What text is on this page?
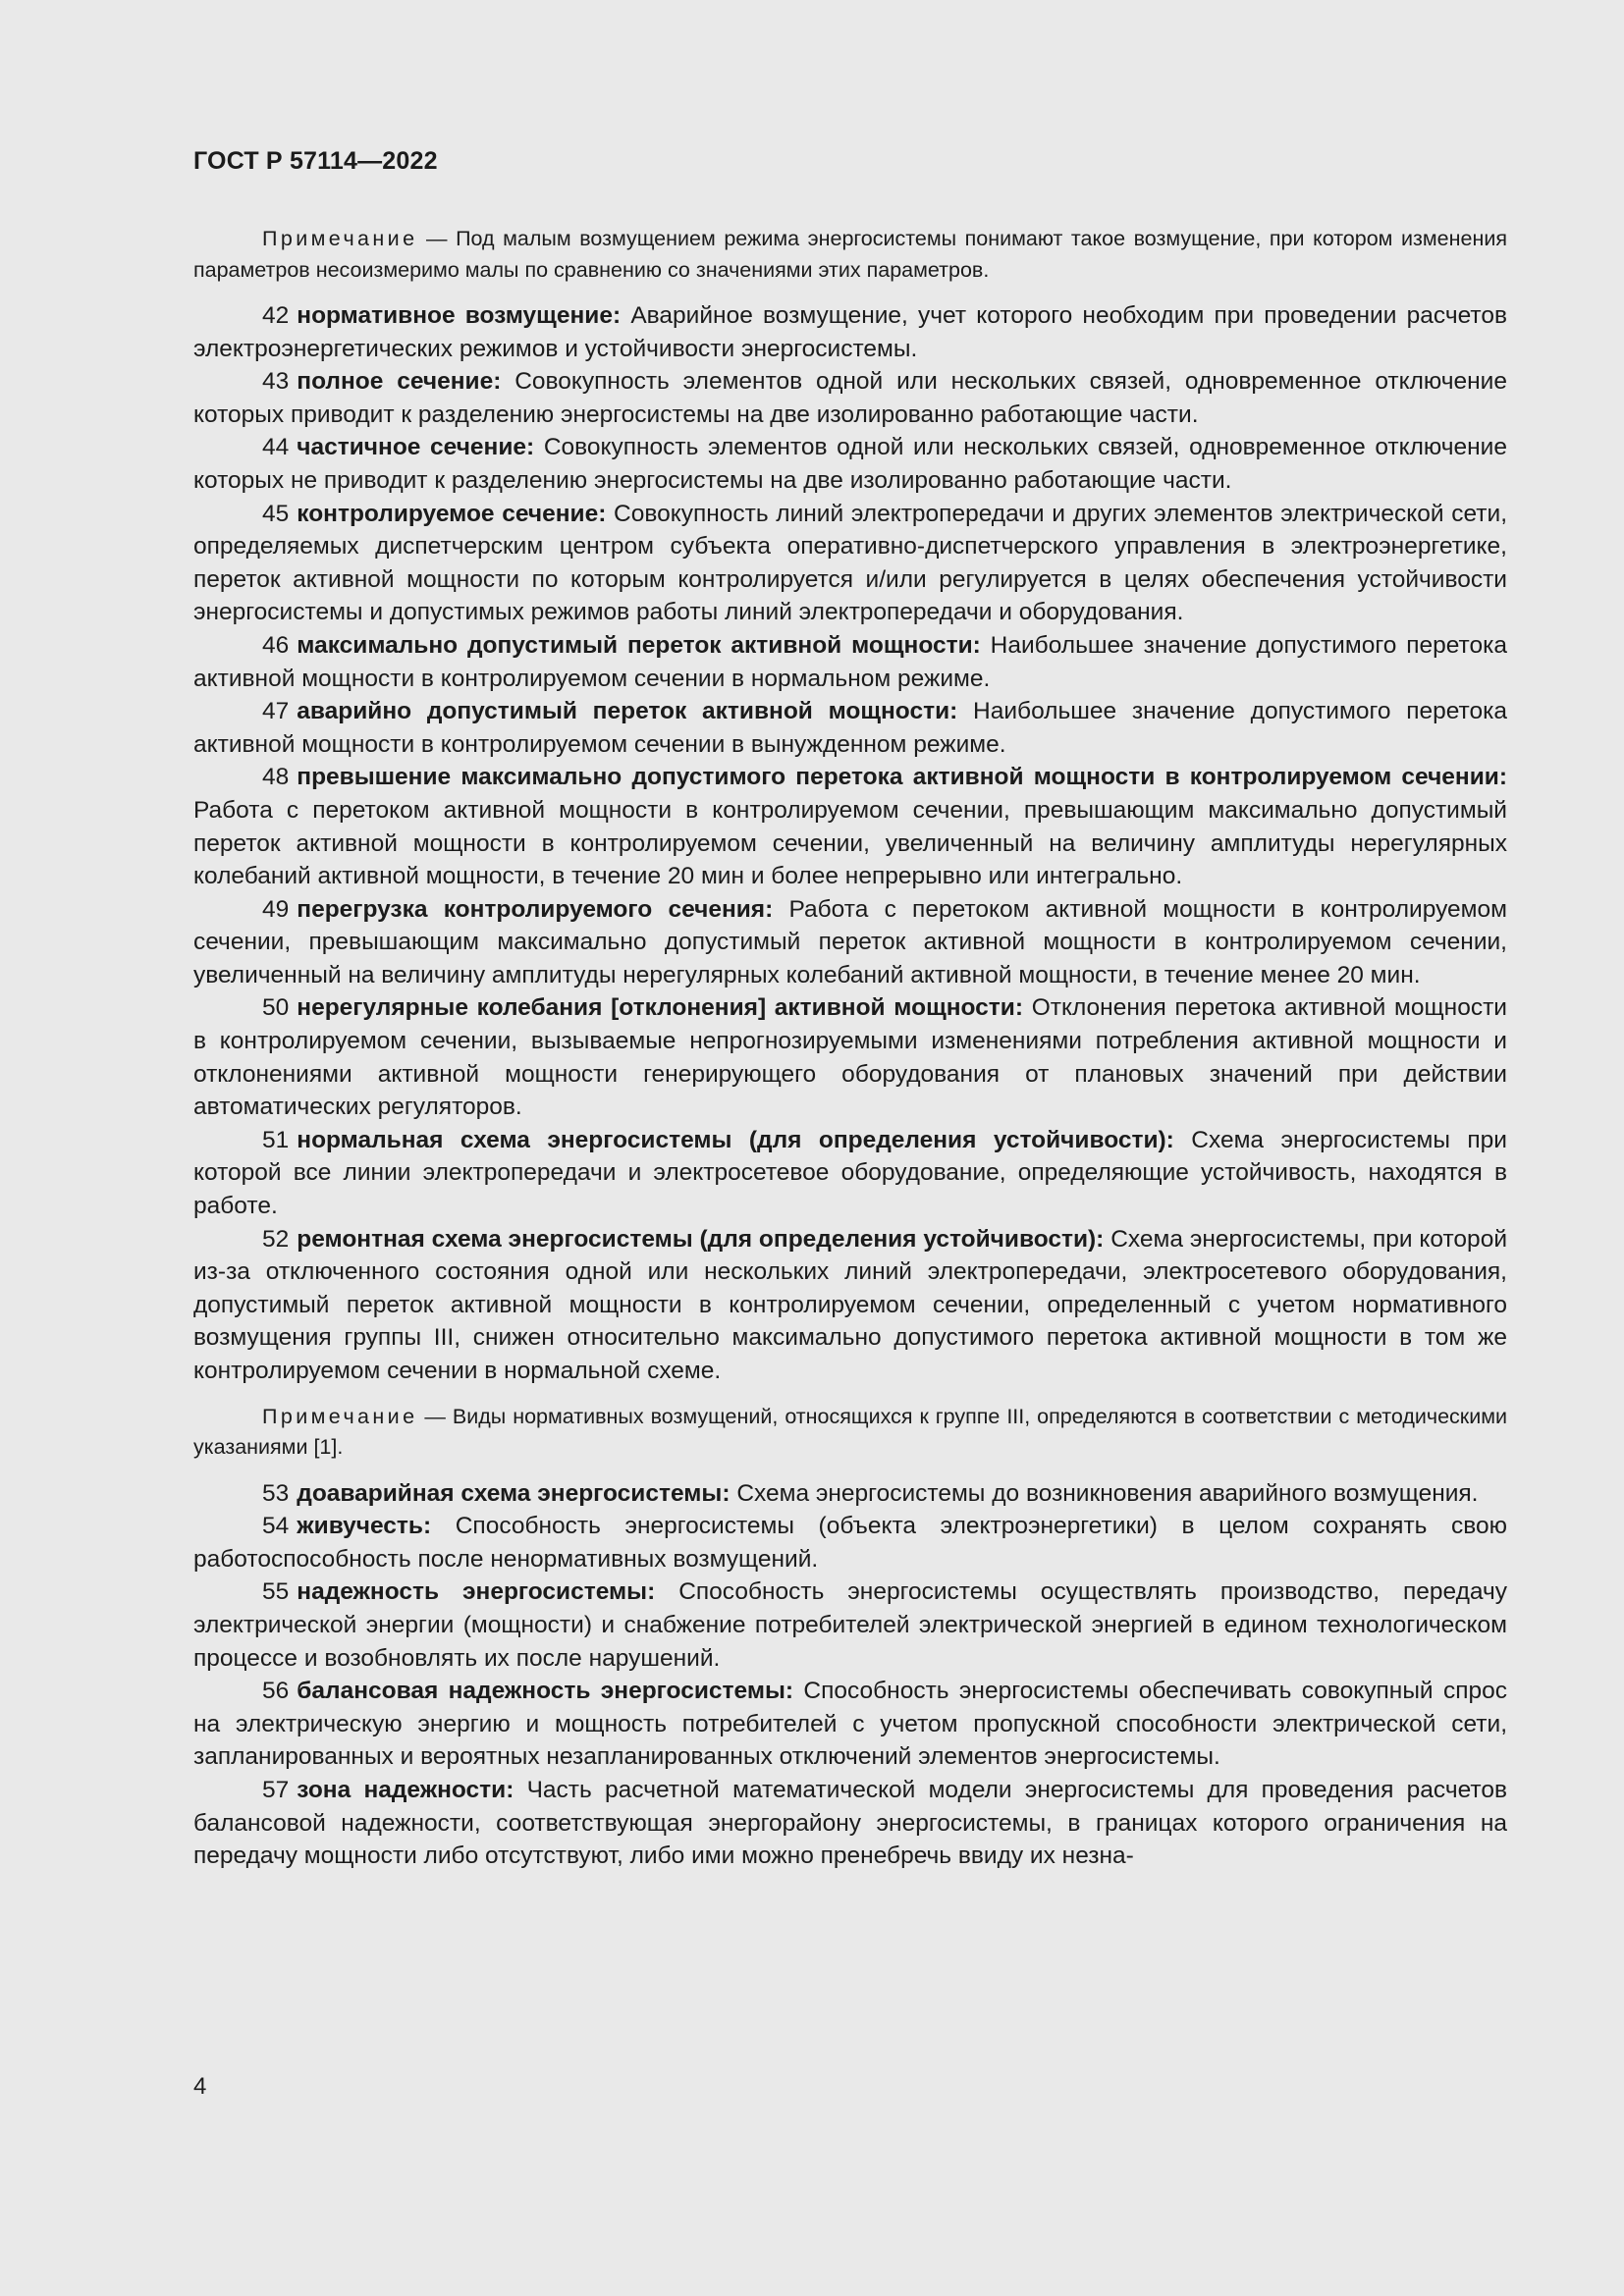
ГОСТ Р 57114—2022

Примечание — Под малым возмущением режима энергосистемы понимают такое возмущение, при котором изменения параметров несоизмеримо малы по сравнению со значениями этих параметров.

42 нормативное возмущение: Аварийное возмущение, учет которого необходим при проведении расчетов электроэнергетических режимов и устойчивости энергосистемы.

43 полное сечение: Совокупность элементов одной или нескольких связей, одновременное отключение которых приводит к разделению энергосистемы на две изолированно работающие части.

44 частичное сечение: Совокупность элементов одной или нескольких связей, одновременное отключение которых не приводит к разделению энергосистемы на две изолированно работающие части.

45 контролируемое сечение: Совокупность линий электропередачи и других элементов электрической сети, определяемых диспетчерским центром субъекта оперативно-диспетчерского управления в электроэнергетике, переток активной мощности по которым контролируется и/или регулируется в целях обеспечения устойчивости энергосистемы и допустимых режимов работы линий электропередачи и оборудования.

46 максимально допустимый переток активной мощности: Наибольшее значение допустимого перетока активной мощности в контролируемом сечении в нормальном режиме.

47 аварийно допустимый переток активной мощности: Наибольшее значение допустимого перетока активной мощности в контролируемом сечении в вынужденном режиме.

48 превышение максимально допустимого перетока активной мощности в контролируемом сечении: Работа с перетоком активной мощности в контролируемом сечении, превышающим максимально допустимый переток активной мощности в контролируемом сечении, увеличенный на величину амплитуды нерегулярных колебаний активной мощности, в течение 20 мин и более непрерывно или интегрально.

49 перегрузка контролируемого сечения: Работа с перетоком активной мощности в контролируемом сечении, превышающим максимально допустимый переток активной мощности в контролируемом сечении, увеличенный на величину амплитуды нерегулярных колебаний активной мощности, в течение менее 20 мин.

50 нерегулярные колебания [отклонения] активной мощности: Отклонения перетока активной мощности в контролируемом сечении, вызываемые непрогнозируемыми изменениями потребления активной мощности и отклонениями активной мощности генерирующего оборудования от плановых значений при действии автоматических регуляторов.

51 нормальная схема энергосистемы (для определения устойчивости): Схема энергосистемы при которой все линии электропередачи и электросетевое оборудование, определяющие устойчивость, находятся в работе.

52 ремонтная схема энергосистемы (для определения устойчивости): Схема энергосистемы, при которой из-за отключенного состояния одной или нескольких линий электропередачи, электросетевого оборудования, допустимый переток активной мощности в контролируемом сечении, определенный с учетом нормативного возмущения группы III, снижен относительно максимально допустимого перетока активной мощности в том же контролируемом сечении в нормальной схеме.

Примечание — Виды нормативных возмущений, относящихся к группе III, определяются в соответствии с методическими указаниями [1].

53 доаварийная схема энергосистемы: Схема энергосистемы до возникновения аварийного возмущения.

54 живучесть: Способность энергосистемы (объекта электроэнергетики) в целом сохранять свою работоспособность после ненормативных возмущений.

55 надежность энергосистемы: Способность энергосистемы осуществлять производство, передачу электрической энергии (мощности) и снабжение потребителей электрической энергией в едином технологическом процессе и возобновлять их после нарушений.

56 балансовая надежность энергосистемы: Способность энергосистемы обеспечивать совокупный спрос на электрическую энергию и мощность потребителей с учетом пропускной способности электрической сети, запланированных и вероятных незапланированных отключений элементов энергосистемы.

57 зона надежности: Часть расчетной математической модели энергосистемы для проведения расчетов балансовой надежности, соответствующая энергорайону энергосистемы, в границах которого ограничения на передачу мощности либо отсутствуют, либо ими можно пренебречь ввиду их незна-

4
